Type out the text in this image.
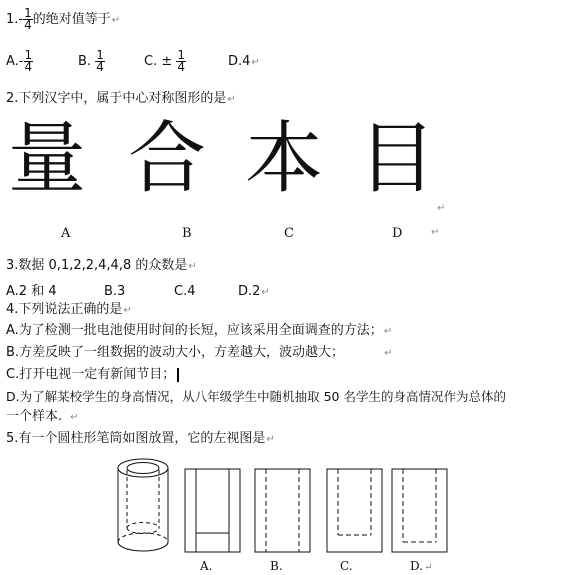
$1.- \frac{1}{4}$ 的绝对值等于↵
$A.- \frac{1}{4}$	B. $\frac{1}{4}$	C. ± $\frac{1}{4}$	D.4↵
2.下列汉字中，属于中心对称图形的是↵
量 合 本 目
↵
A	B	C	D	↵
3.数据 0,1,2,2,4,4,8 的众数是↵
A.2 和 4	B.3	C.4	D.2↵
4.下列说法正确的是↵
A.为了检测一批电池使用时间的长短，应该采用全面调查的方法；↵
B.方差反映了一组数据的波动大小，方差越大，波动越大；	↵
C.打开电视一定有新闻节目；
D.为了解某校学生的身高情况，从八年级学生中随机抽取 50 名学生的身高情况作为总体的
一个样本. ↵
5.有一个圆柱形笔筒如图放置，它的左视图是↵
A.	B.	C.	D.↵
